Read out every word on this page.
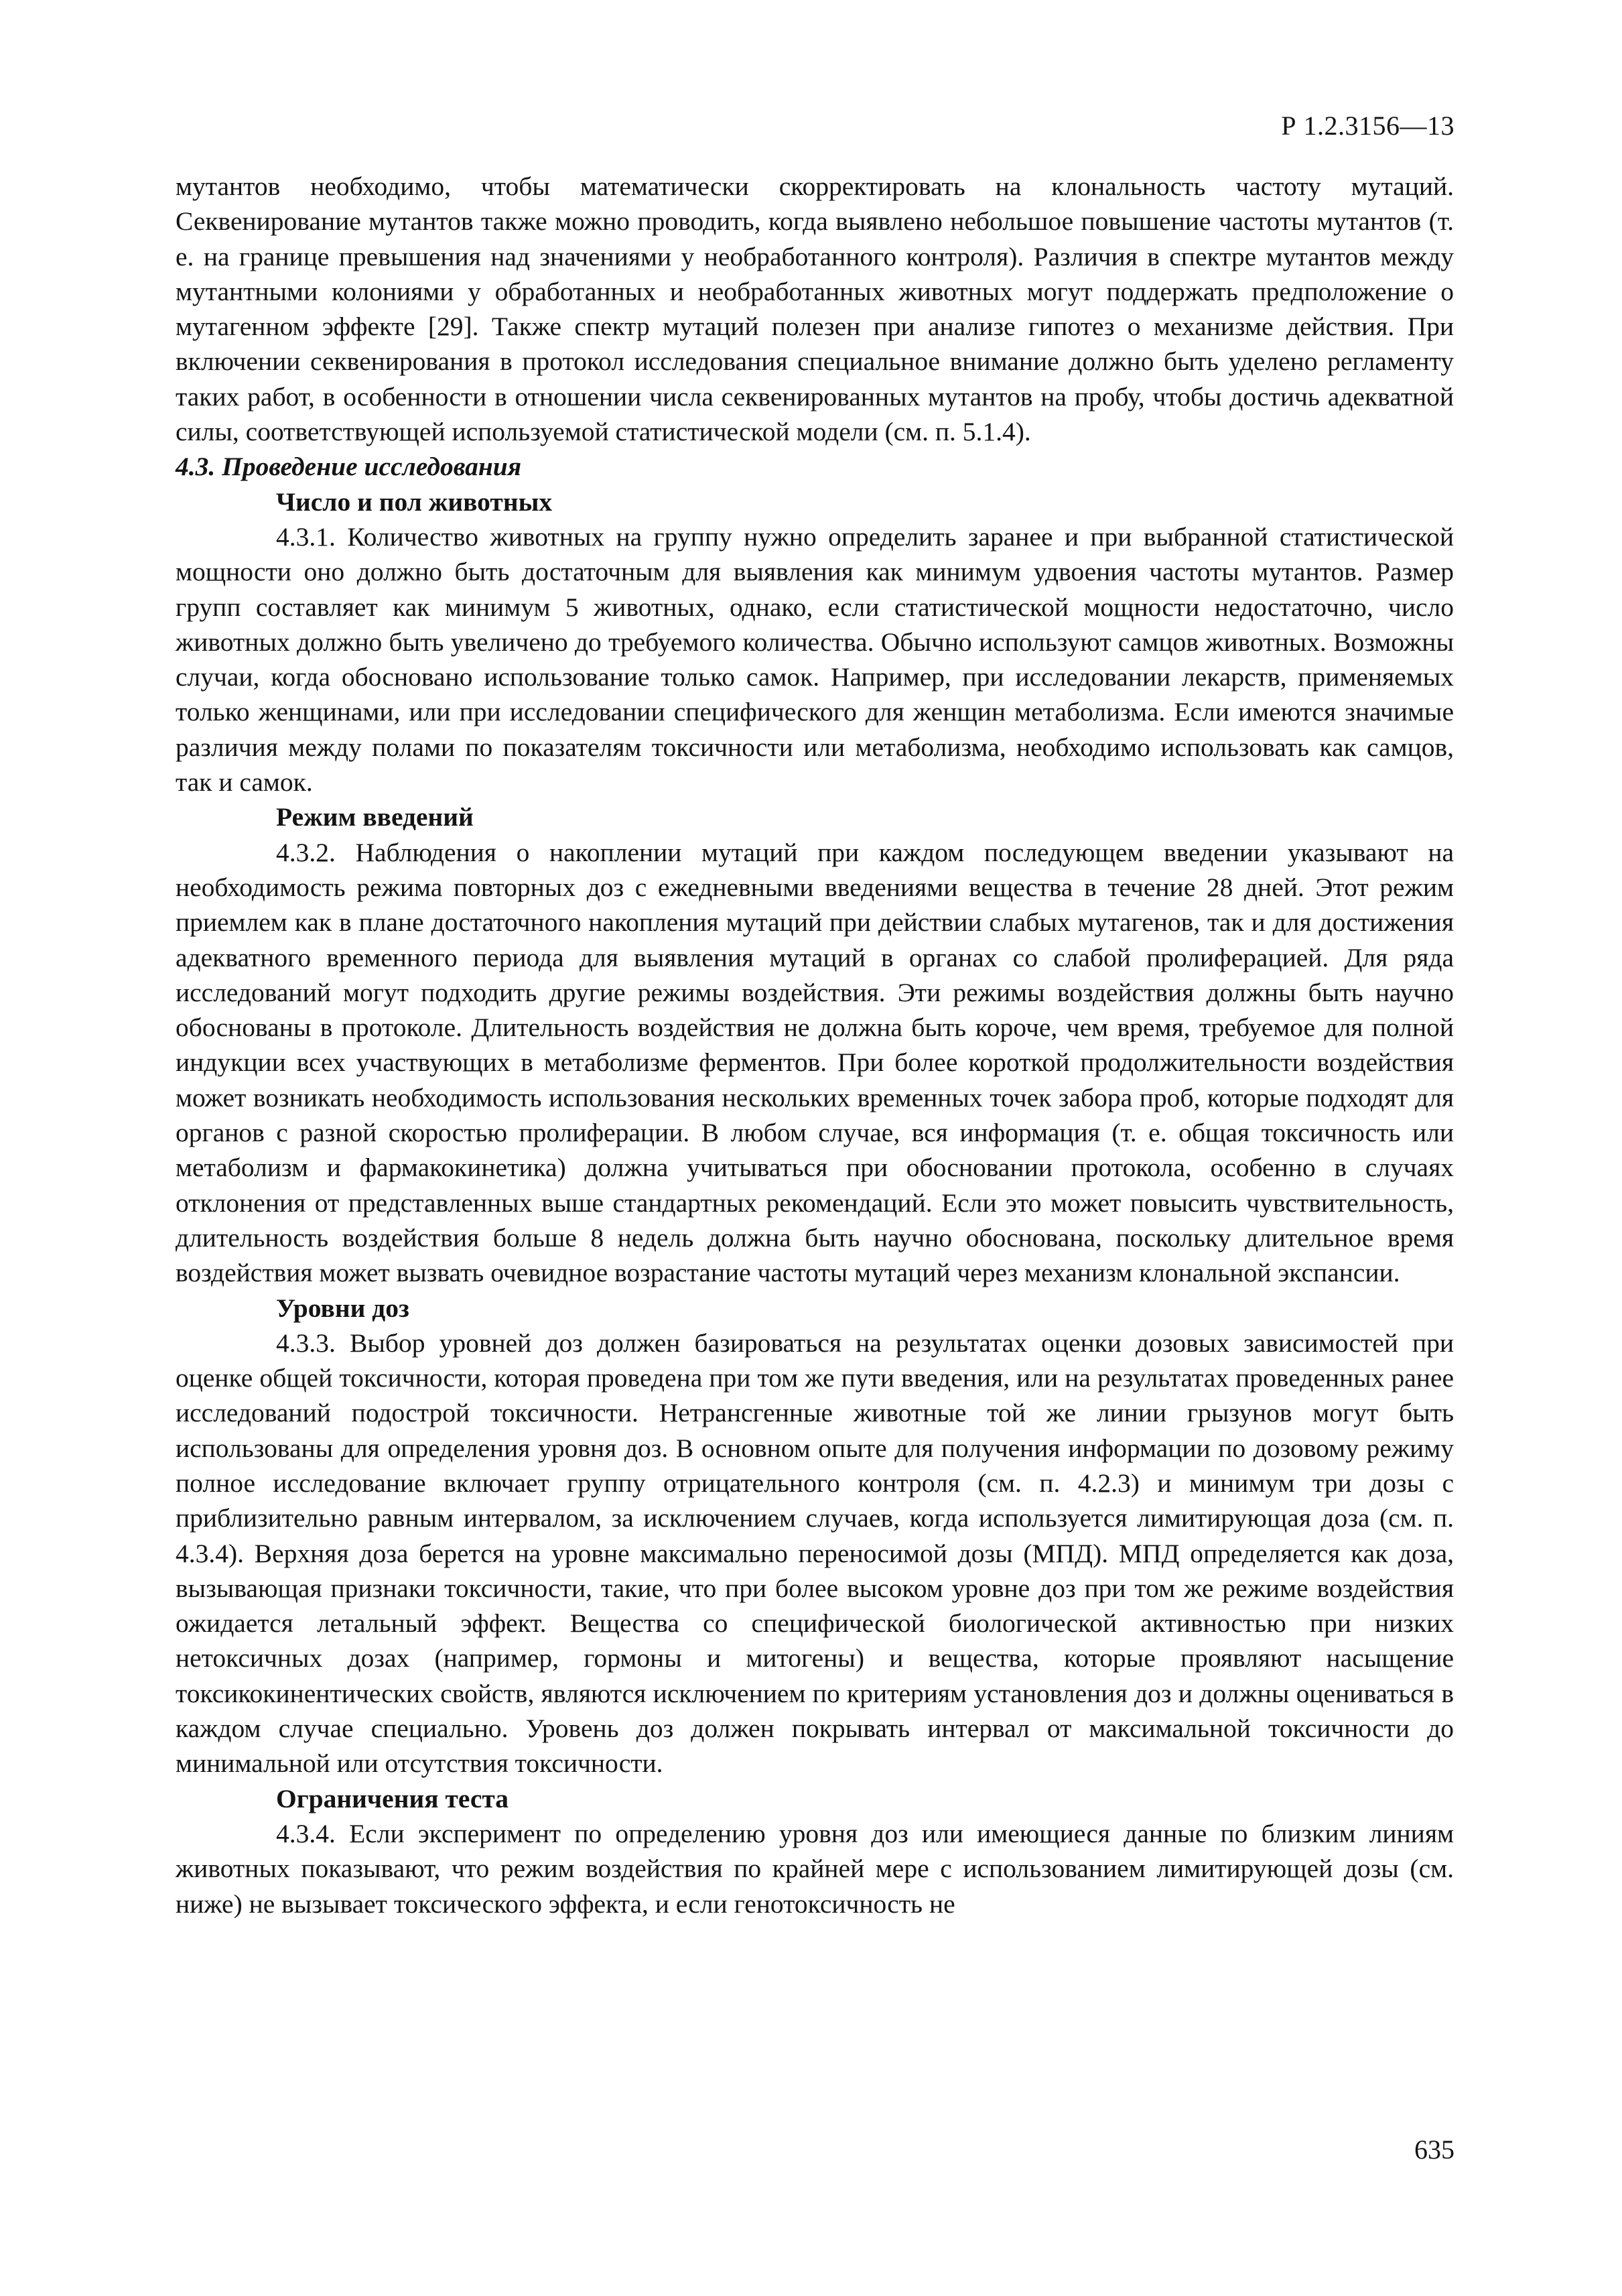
Р 1.2.3156—13

мутантов необходимо, чтобы математически скорректировать на клональность частоту мутаций. Секвенирование мутантов также можно проводить, когда выявлено небольшое повышение частоты мутантов (т. е. на границе превышения над значениями у необработанного контроля). Различия в спектре мутантов между мутантными колониями у обработанных и необработанных животных могут поддержать предположение о мутагенном эффекте [29]. Также спектр мутаций полезен при анализе гипотез о механизме действия. При включении секвенирования в протокол исследования специальное внимание должно быть уделено регламенту таких работ, в особенности в отношении числа секвенированных мутантов на пробу, чтобы достичь адекватной силы, соответствующей используемой статистической модели (см. п. 5.1.4).

4.3. Проведение исследования

Число и пол животных

4.3.1. Количество животных на группу нужно определить заранее и при выбранной статистической мощности оно должно быть достаточным для выявления как минимум удвоения частоты мутантов. Размер групп составляет как минимум 5 животных, однако, если статистической мощности недостаточно, число животных должно быть увеличено до требуемого количества. Обычно используют самцов животных. Возможны случаи, когда обосновано использование только самок. Например, при исследовании лекарств, применяемых только женщинами, или при исследовании специфического для женщин метаболизма. Если имеются значимые различия между полами по показателям токсичности или метаболизма, необходимо использовать как самцов, так и самок.

Режим введений

4.3.2. Наблюдения о накоплении мутаций при каждом последующем введении указывают на необходимость режима повторных доз с ежедневными введениями вещества в течение 28 дней. Этот режим приемлем как в плане достаточного накопления мутаций при действии слабых мутагенов, так и для достижения адекватного временного периода для выявления мутаций в органах со слабой пролиферацией. Для ряда исследований могут подходить другие режимы воздействия. Эти режимы воздействия должны быть научно обоснованы в протоколе. Длительность воздействия не должна быть короче, чем время, требуемое для полной индукции всех участвующих в метаболизме ферментов. При более короткой продолжительности воздействия может возникать необходимость использования нескольких временных точек забора проб, которые подходят для органов с разной скоростью пролиферации. В любом случае, вся информация (т. е. общая токсичность или метаболизм и фармакокинетика) должна учитываться при обосновании протокола, особенно в случаях отклонения от представленных выше стандартных рекомендаций. Если это может повысить чувствительность, длительность воздействия больше 8 недель должна быть научно обоснована, поскольку длительное время воздействия может вызвать очевидное возрастание частоты мутаций через механизм клональной экспансии.

Уровни доз

4.3.3. Выбор уровней доз должен базироваться на результатах оценки дозовых зависимостей при оценке общей токсичности, которая проведена при том же пути введения, или на результатах проведенных ранее исследований подострой токсичности. Нетрансгенные животные той же линии грызунов могут быть использованы для определения уровня доз. В основном опыте для получения информации по дозовому режиму полное исследование включает группу отрицательного контроля (см. п. 4.2.3) и минимум три дозы с приблизительно равным интервалом, за исключением случаев, когда используется лимитирующая доза (см. п. 4.3.4). Верхняя доза берется на уровне максимально переносимой дозы (МПД). МПД определяется как доза, вызывающая признаки токсичности, такие, что при более высоком уровне доз при том же режиме воздействия ожидается летальный эффект. Вещества со специфической биологической активностью при низких нетоксичных дозах (например, гормоны и митогены) и вещества, которые проявляют насыщение токсикокинентических свойств, являются исключением по критериям установления доз и должны оцениваться в каждом случае специально. Уровень доз должен покрывать интервал от максимальной токсичности до минимальной или отсутствия токсичности.

Ограничения теста

4.3.4. Если эксперимент по определению уровня доз или имеющиеся данные по близким линиям животных показывают, что режим воздействия по крайней мере с использованием лимитирующей дозы (см. ниже) не вызывает токсического эффекта, и если генотоксичность не

635
